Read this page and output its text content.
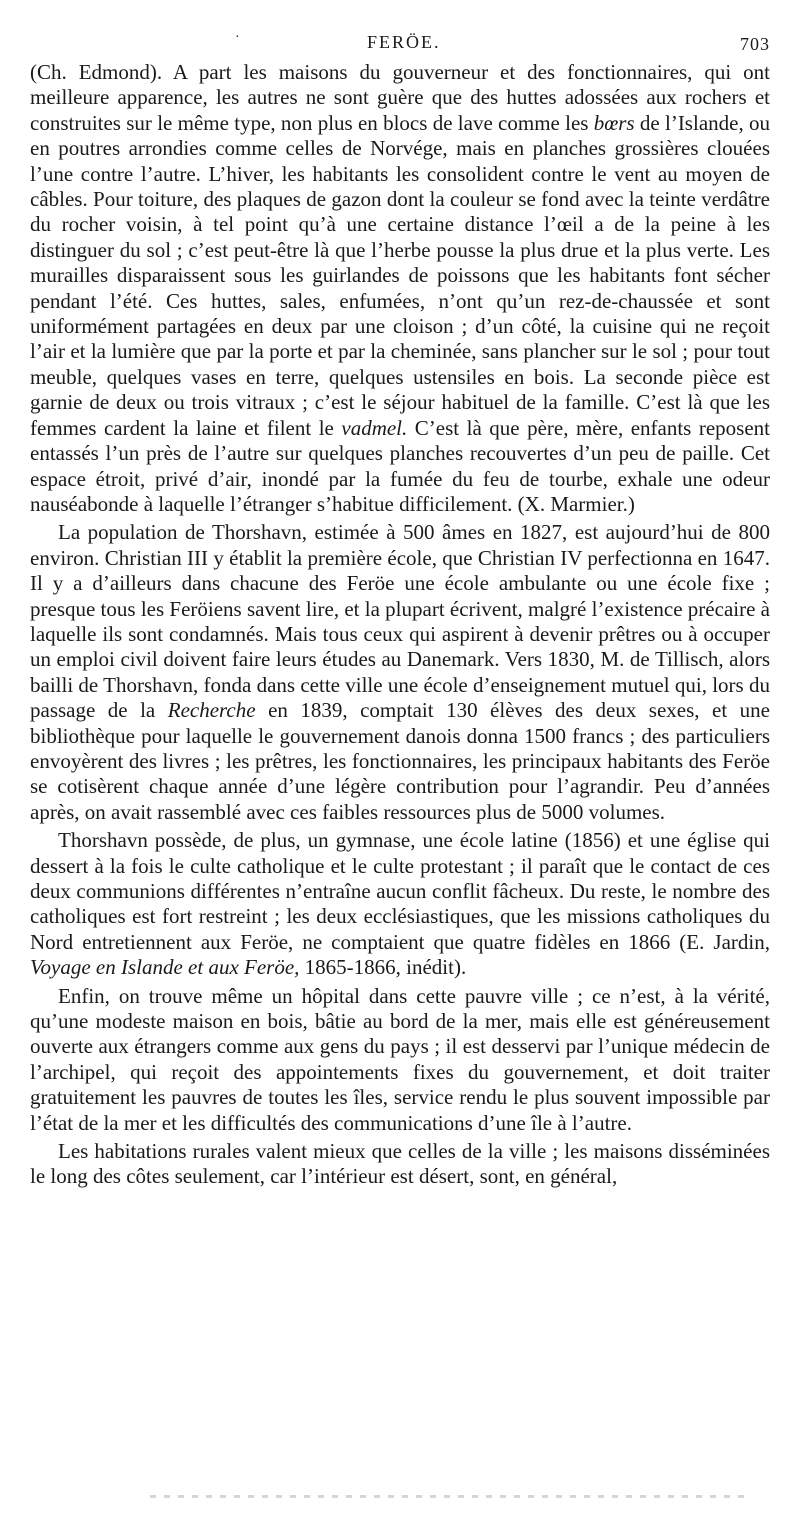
·	FERÖE.	703

(Ch. Edmond). A part les maisons du gouverneur et des fonctionnaires, qui ont meilleure apparence, les autres ne sont guère que des huttes adossées aux rochers et construites sur le même type, non plus en blocs de lave comme les bœrs de l’Islande, ou en poutres arrondies comme celles de Norvége, mais en planches grossières clouées l’une contre l’autre. L’hiver, les habitants les consolident contre le vent au moyen de câbles. Pour toiture, des plaques de gazon dont la couleur se fond avec la teinte verdâtre du rocher voisin, à tel point qu’à une certaine distance l’œil a de la peine à les distinguer du sol ; c’est peut-être là que l’herbe pousse la plus drue et la plus verte. Les murailles disparaissent sous les guirlandes de poissons que les habitants font sécher pendant l’été. Ces huttes, sales, enfumées, n’ont qu’un rez-de-chaussée et sont uniformément partagées en deux par une cloison ; d’un côté, la cuisine qui ne reçoit l’air et la lumière que par la porte et par la cheminée, sans plancher sur le sol ; pour tout meuble, quelques vases en terre, quelques ustensiles en bois. La seconde pièce est garnie de deux ou trois vitraux ; c’est le séjour habituel de la famille. C’est là que les femmes cardent la laine et filent le vadmel. C’est là que père, mère, enfants reposent entassés l’un près de l’autre sur quelques planches recouvertes d’un peu de paille. Cet espace étroit, privé d’air, inondé par la fumée du feu de tourbe, exhale une odeur nauséabonde à laquelle l’étranger s’habitue difficilement. (X. Marmier.)

La population de Thorshavn, estimée à 500 âmes en 1827, est aujourd’hui de 800 environ. Christian III y établit la première école, que Christian IV perfectionna en 1647. Il y a d’ailleurs dans chacune des Feröe une école ambulante ou une école fixe ; presque tous les Feröiens savent lire, et la plupart écrivent, malgré l’existence précaire à laquelle ils sont condamnés. Mais tous ceux qui aspirent à devenir prêtres ou à occuper un emploi civil doivent faire leurs études au Danemark. Vers 1830, M. de Tillisch, alors bailli de Thorshavn, fonda dans cette ville une école d’enseignement mutuel qui, lors du passage de la Recherche en 1839, comptait 130 élèves des deux sexes, et une bibliothèque pour laquelle le gouvernement danois donna 1500 francs ; des particuliers envoyèrent des livres ; les prêtres, les fonctionnaires, les principaux habitants des Feröe se cotisèrent chaque année d’une légère contribution pour l’agrandir. Peu d’années après, on avait rassemblé avec ces faibles ressources plus de 5000 volumes.

Thorshavn possède, de plus, un gymnase, une école latine (1856) et une église qui dessert à la fois le culte catholique et le culte protestant ; il paraît que le contact de ces deux communions différentes n’entraîne aucun conflit fâcheux. Du reste, le nombre des catholiques est fort restreint ; les deux ecclésiastiques, que les missions catholiques du Nord entretiennent aux Feröe, ne comptaient que quatre fidèles en 1866 (E. Jardin, Voyage en Islande et aux Feröe, 1865-1866, inédit).

Enfin, on trouve même un hôpital dans cette pauvre ville ; ce n’est, à la vérité, qu’une modeste maison en bois, bâtie au bord de la mer, mais elle est généreusement ouverte aux étrangers comme aux gens du pays ; il est desservi par l’unique médecin de l’archipel, qui reçoit des appointements fixes du gouvernement, et doit traiter gratuitement les pauvres de toutes les îles, service rendu le plus souvent impossible par l’état de la mer et les difficultés des communications d’une île à l’autre.

Les habitations rurales valent mieux que celles de la ville ; les maisons disséminées le long des côtes seulement, car l’intérieur est désert, sont, en général,
